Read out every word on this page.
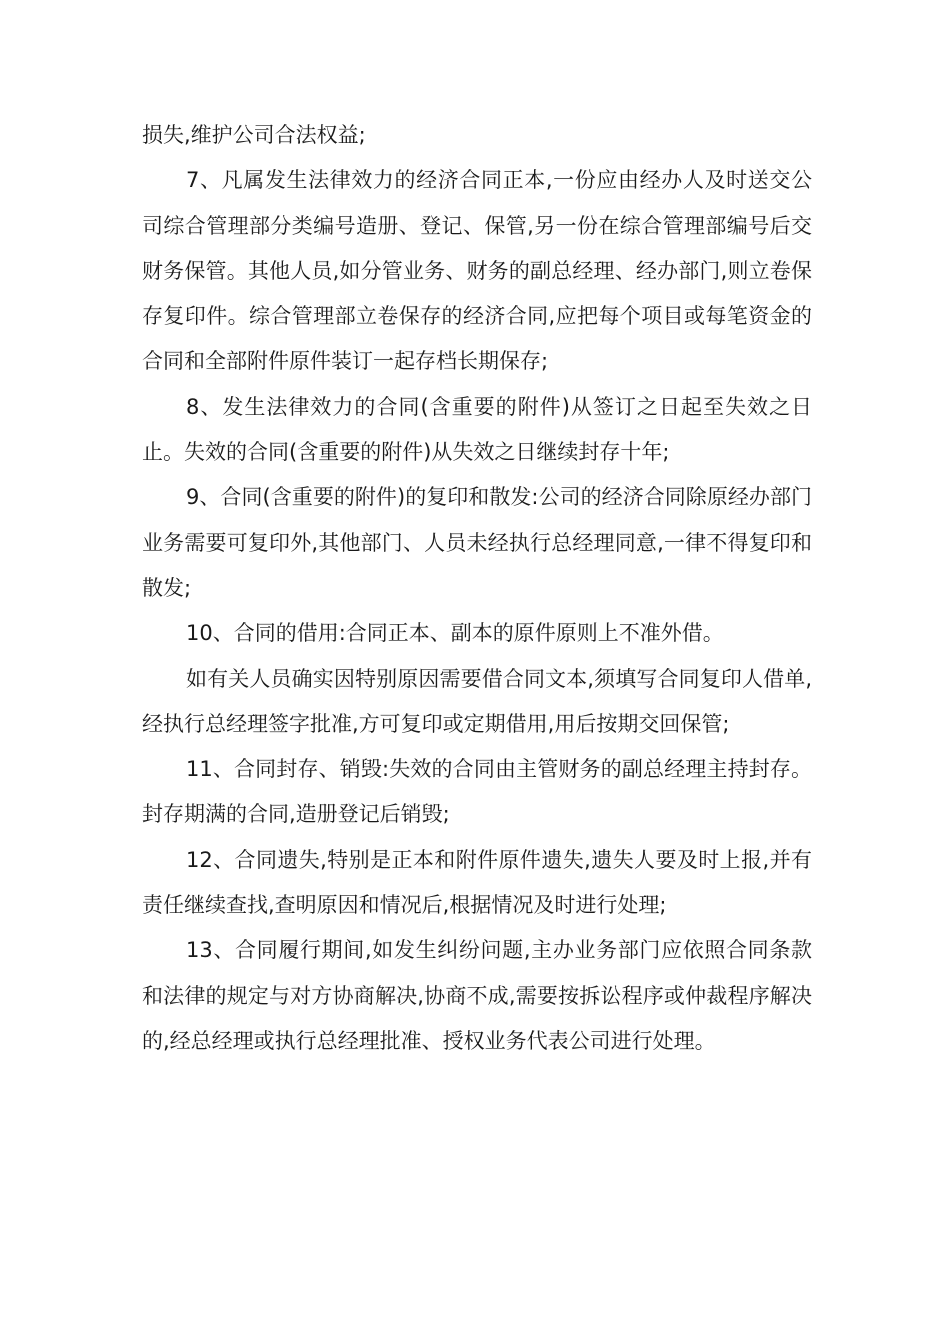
损失,维护公司合法权益;

7、凡属发生法律效力的经济合同正本,一份应由经办人及时送交公司综合管理部分类编号造册、登记、保管,另一份在综合管理部编号后交财务保管。其他人员,如分管业务、财务的副总经理、经办部门,则立卷保存复印件。综合管理部立卷保存的经济合同,应把每个项目或每笔资金的合同和全部附件原件装订一起存档长期保存;

8、发生法律效力的合同(含重要的附件)从签订之日起至失效之日止。失效的合同(含重要的附件)从失效之日继续封存十年;

9、合同(含重要的附件)的复印和散发:公司的经济合同除原经办部门业务需要可复印外,其他部门、人员未经执行总经理同意,一律不得复印和散发;

10、合同的借用:合同正本、副本的原件原则上不准外借。

如有关人员确实因特别原因需要借合同文本,须填写合同复印人借单,经执行总经理签字批准,方可复印或定期借用,用后按期交回保管;

11、合同封存、销毁:失效的合同由主管财务的副总经理主持封存。封存期满的合同,造册登记后销毁;

12、合同遗失,特别是正本和附件原件遗失,遗失人要及时上报,并有责任继续查找,查明原因和情况后,根据情况及时进行处理;

13、合同履行期间,如发生纠纷问题,主办业务部门应依照合同条款和法律的规定与对方协商解决,协商不成,需要按拆讼程序或仲裁程序解决的,经总经理或执行总经理批准、授权业务代表公司进行处理。
